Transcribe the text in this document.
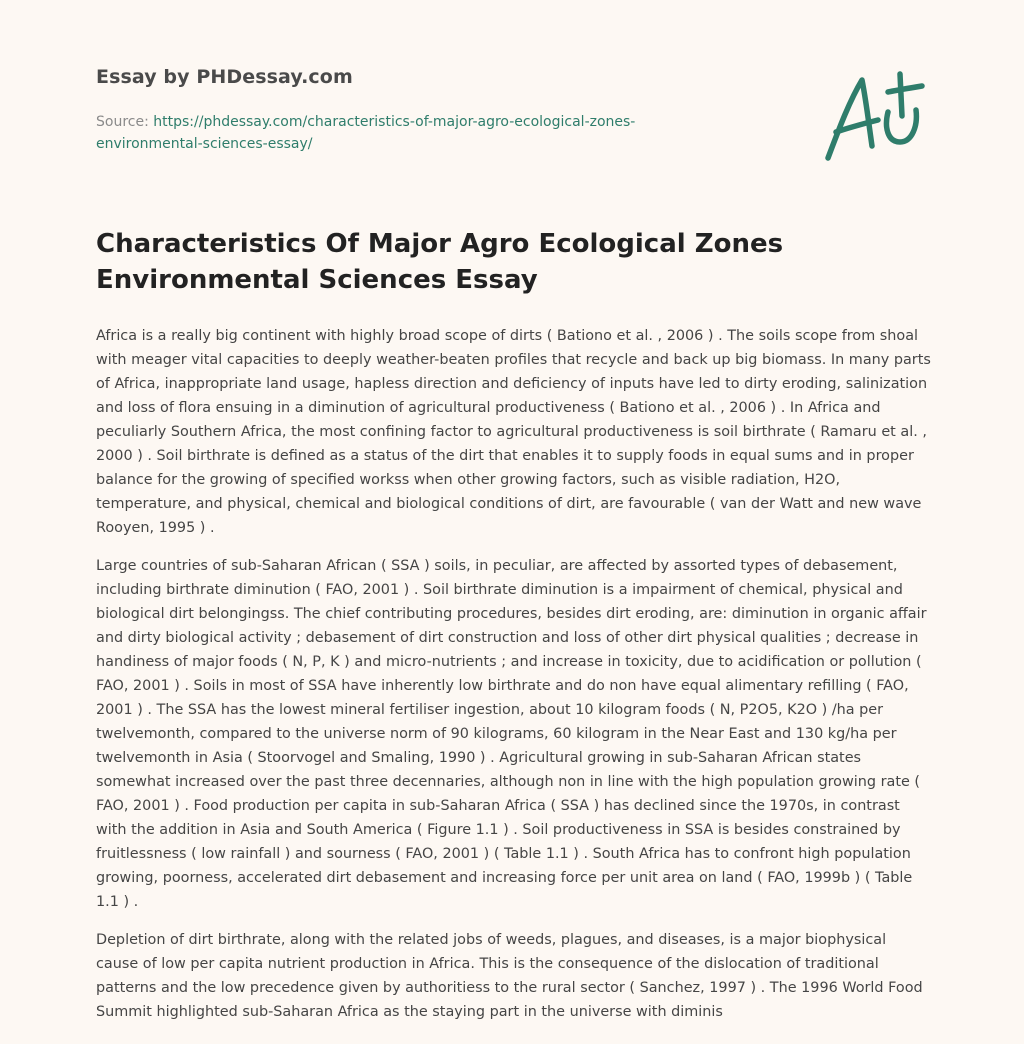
Essay by PHDessay.com
Source: https://phdessay.com/characteristics-of-major-agro-ecological-zones-environmental-sciences-essay/
Characteristics Of Major Agro Ecological Zones Environmental Sciences Essay

Africa is a really big continent with highly broad scope of dirts ( Bationo et al. , 2006 ) . The soils scope from shoal with meager vital capacities to deeply weather-beaten profiles that recycle and back up big biomass. In many parts of Africa, inappropriate land usage, hapless direction and deficiency of inputs have led to dirty eroding, salinization and loss of flora ensuing in a diminution of agricultural productiveness ( Bationo et al. , 2006 ) . In Africa and peculiarly Southern Africa, the most confining factor to agricultural productiveness is soil birthrate ( Ramaru et al. , 2000 ) . Soil birthrate is defined as a status of the dirt that enables it to supply foods in equal sums and in proper balance for the growing of specified workss when other growing factors, such as visible radiation, H2O, temperature, and physical, chemical and biological conditions of dirt, are favourable ( van der Watt and new wave Rooyen, 1995 ) .

Large countries of sub-Saharan African ( SSA ) soils, in peculiar, are affected by assorted types of debasement, including birthrate diminution ( FAO, 2001 ) . Soil birthrate diminution is a impairment of chemical, physical and biological dirt belongingss. The chief contributing procedures, besides dirt eroding, are: diminution in organic affair and dirty biological activity ; debasement of dirt construction and loss of other dirt physical qualities ; decrease in handiness of major foods ( N, P, K ) and micro-nutrients ; and increase in toxicity, due to acidification or pollution ( FAO, 2001 ) . Soils in most of SSA have inherently low birthrate and do non have equal alimentary refilling ( FAO, 2001 ) . The SSA has the lowest mineral fertiliser ingestion, about 10 kilogram foods ( N, P2O5, K2O ) /ha per twelvemonth, compared to the universe norm of 90 kilograms, 60 kilogram in the Near East and 130 kg/ha per twelvemonth in Asia ( Stoorvogel and Smaling, 1990 ) . Agricultural growing in sub-Saharan African states somewhat increased over the past three decennaries, although non in line with the high population growing rate ( FAO, 2001 ) . Food production per capita in sub-Saharan Africa ( SSA ) has declined since the 1970s, in contrast with the addition in Asia and South America ( Figure 1.1 ) . Soil productiveness in SSA is besides constrained by fruitlessness ( low rainfall ) and sourness ( FAO, 2001 ) ( Table 1.1 ) . South Africa has to confront high population growing, poorness, accelerated dirt debasement and increasing force per unit area on land ( FAO, 1999b ) ( Table 1.1 ) .

Depletion of dirt birthrate, along with the related jobs of weeds, plagues, and diseases, is a major biophysical cause of low per capita nutrient production in Africa. This is the consequence of the dislocation of traditional patterns and the low precedence given by authoritiess to the rural sector ( Sanchez, 1997 ) . The 1996 World Food Summit highlighted sub-Saharan Africa as the staying part in the universe with diminis
